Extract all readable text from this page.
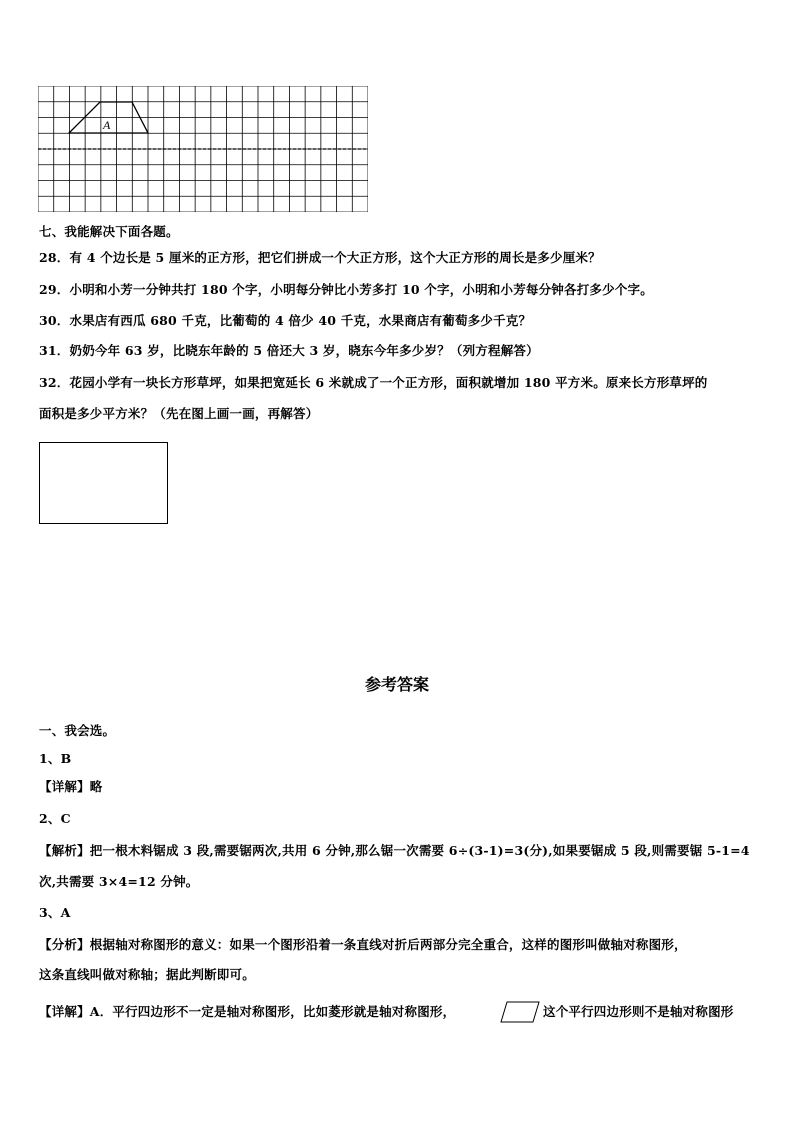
A
七、我能解决下面各题。
28．有 4 个边长是 5 厘米的正方形，把它们拼成一个大正方形，这个大正方形的周长是多少厘米？
29．小明和小芳一分钟共打 180 个字，小明每分钟比小芳多打 10 个字，小明和小芳每分钟各打多少个字。
30．水果店有西瓜 680 千克，比葡萄的 4 倍少 40 千克，水果商店有葡萄多少千克？
31．奶奶今年 63 岁，比晓东年龄的 5 倍还大 3 岁，晓东今年多少岁？（列方程解答）
32．花园小学有一块长方形草坪，如果把宽延长 6 米就成了一个正方形，面积就增加 180 平方米。原来长方形草坪的
面积是多少平方米？（先在图上画一画，再解答）
参考答案
一、我会选。
1、B
【详解】略
2、C
【解析】把一根木料锯成 3 段,需要锯两次,共用 6 分钟,那么锯一次需要 6÷(3-1)=3(分),如果要锯成 5 段,则需要锯 5-1=4
次,共需要 3×4=12 分钟。
3、A
【分析】根据轴对称图形的意义：如果一个图形沿着一条直线对折后两部分完全重合，这样的图形叫做轴对称图形，
这条直线叫做对称轴；据此判断即可。
【详解】A．平行四边形不一定是轴对称图形，比如菱形就是轴对称图形，	这个平行四边形则不是轴对称图形
